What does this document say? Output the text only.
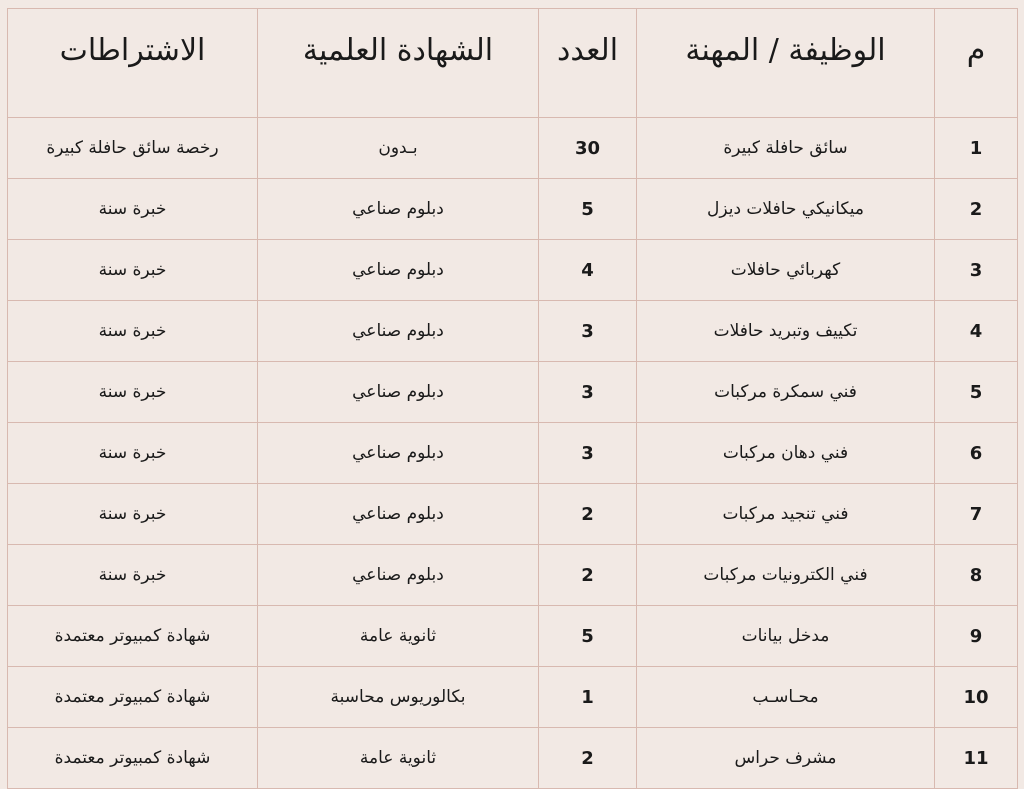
م	الوظيفة / المهنة	العدد	الشهادة العلمية	الاشتراطات
1	سائق حافلة كبيرة	30	بـدون	رخصة سائق حافلة كبيرة
2	ميكانيكي حافلات ديزل	5	دبلوم صناعي	خبرة سنة
3	كهربائي حافلات	4	دبلوم صناعي	خبرة سنة
4	تكييف وتبريد حافلات	3	دبلوم صناعي	خبرة سنة
5	فني سمكرة مركبات	3	دبلوم صناعي	خبرة سنة
6	فني دهان مركبات	3	دبلوم صناعي	خبرة سنة
7	فني تنجيد مركبات	2	دبلوم صناعي	خبرة سنة
8	فني الكترونيات مركبات	2	دبلوم صناعي	خبرة سنة
9	مدخل بيانات	5	ثانوية عامة	شهادة كمبيوتر معتمدة
10	محـاسـب	1	بكالوريوس محاسبة	شهادة كمبيوتر معتمدة
11	مشرف حراس	2	ثانوية عامة	شهادة كمبيوتر معتمدة
